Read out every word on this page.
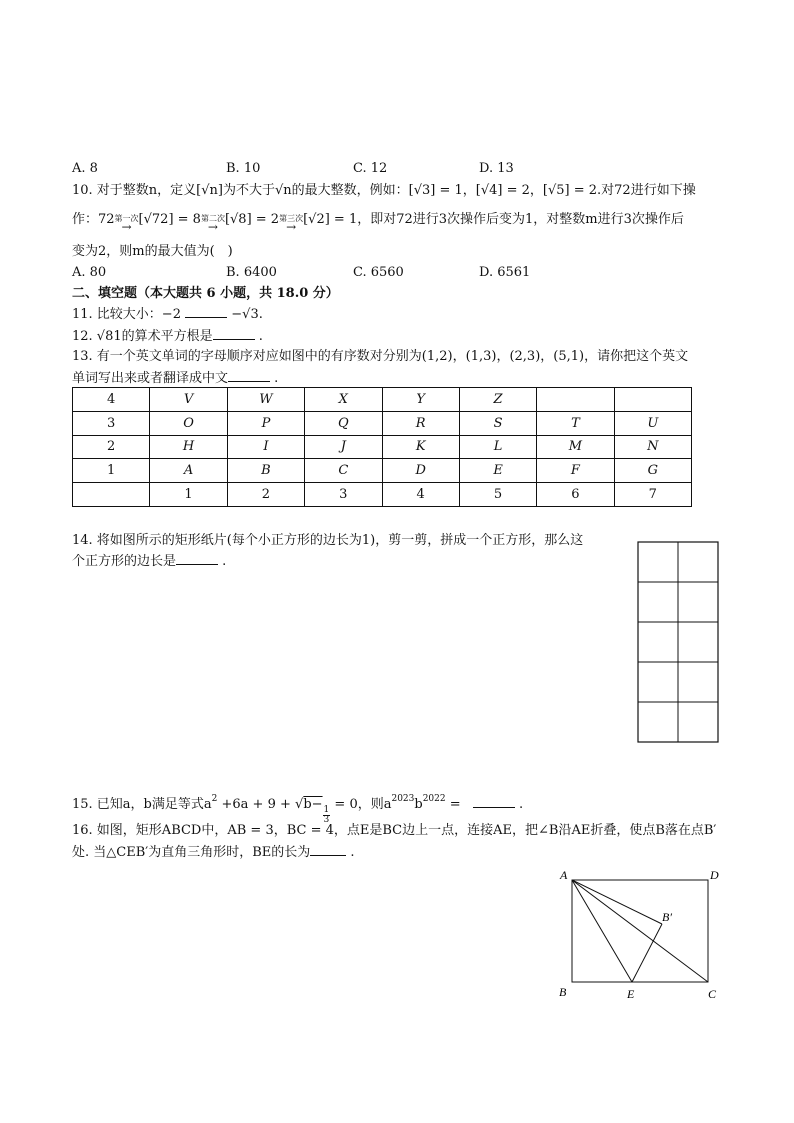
A. 8	B. 10	C. 12	D. 13
10. 对于整数n，定义[√n]为不大于√n的最大整数，例如：[√3] = 1，[√4] = 2，[√5] = 2.对72进行如下操
作：72 第一次
→ [√72] = 8 第二次
→ [√8] = 2 第三次
→ [√2] = 1，即对72进行3次操作后变为1，对整数m进行3次操作后
变为2，则m的最大值为(　)
A. 80	B. 6400	C. 6560	D. 6561
二、填空题（本大题共 6 小题，共 18.0 分）
11. 比较大小：−2	−√3.
12. √81的算术平方根是	.
13. 有一个英文单词的字母顺序对应如图中的有序数对分别为(1,2)，(1,3)，(2,3)，(5,1)，请你把这个英文
单词写出来或者翻译成中文	.
4	V	W	X	Y	Z		
3	O	P	Q	R	S	T	U
2	H	I	J	K	L	M	N
1	A	B	C	D	E	F	G
	1	2	3	4	5	6	7
14. 将如图所示的矩形纸片(每个小正方形的边长为1)，剪一剪，拼成一个正方形，那么这
个正方形的边长是	.
15. 已知a，b满足等式$a^2 +6a + 9 + √b-$
$\frac{1}{3}$
= 0，则$a^{2023}b^{2022}$ =	.
16. 如图，矩形ABCD中，AB = 3，BC = 4，点E是BC边上一点，连接AE，把∠B沿AE折叠，使点B落在点B′
处. 当△CEB′为直角三角形时，BE的长为	.
A	D
B′
B	E	C
